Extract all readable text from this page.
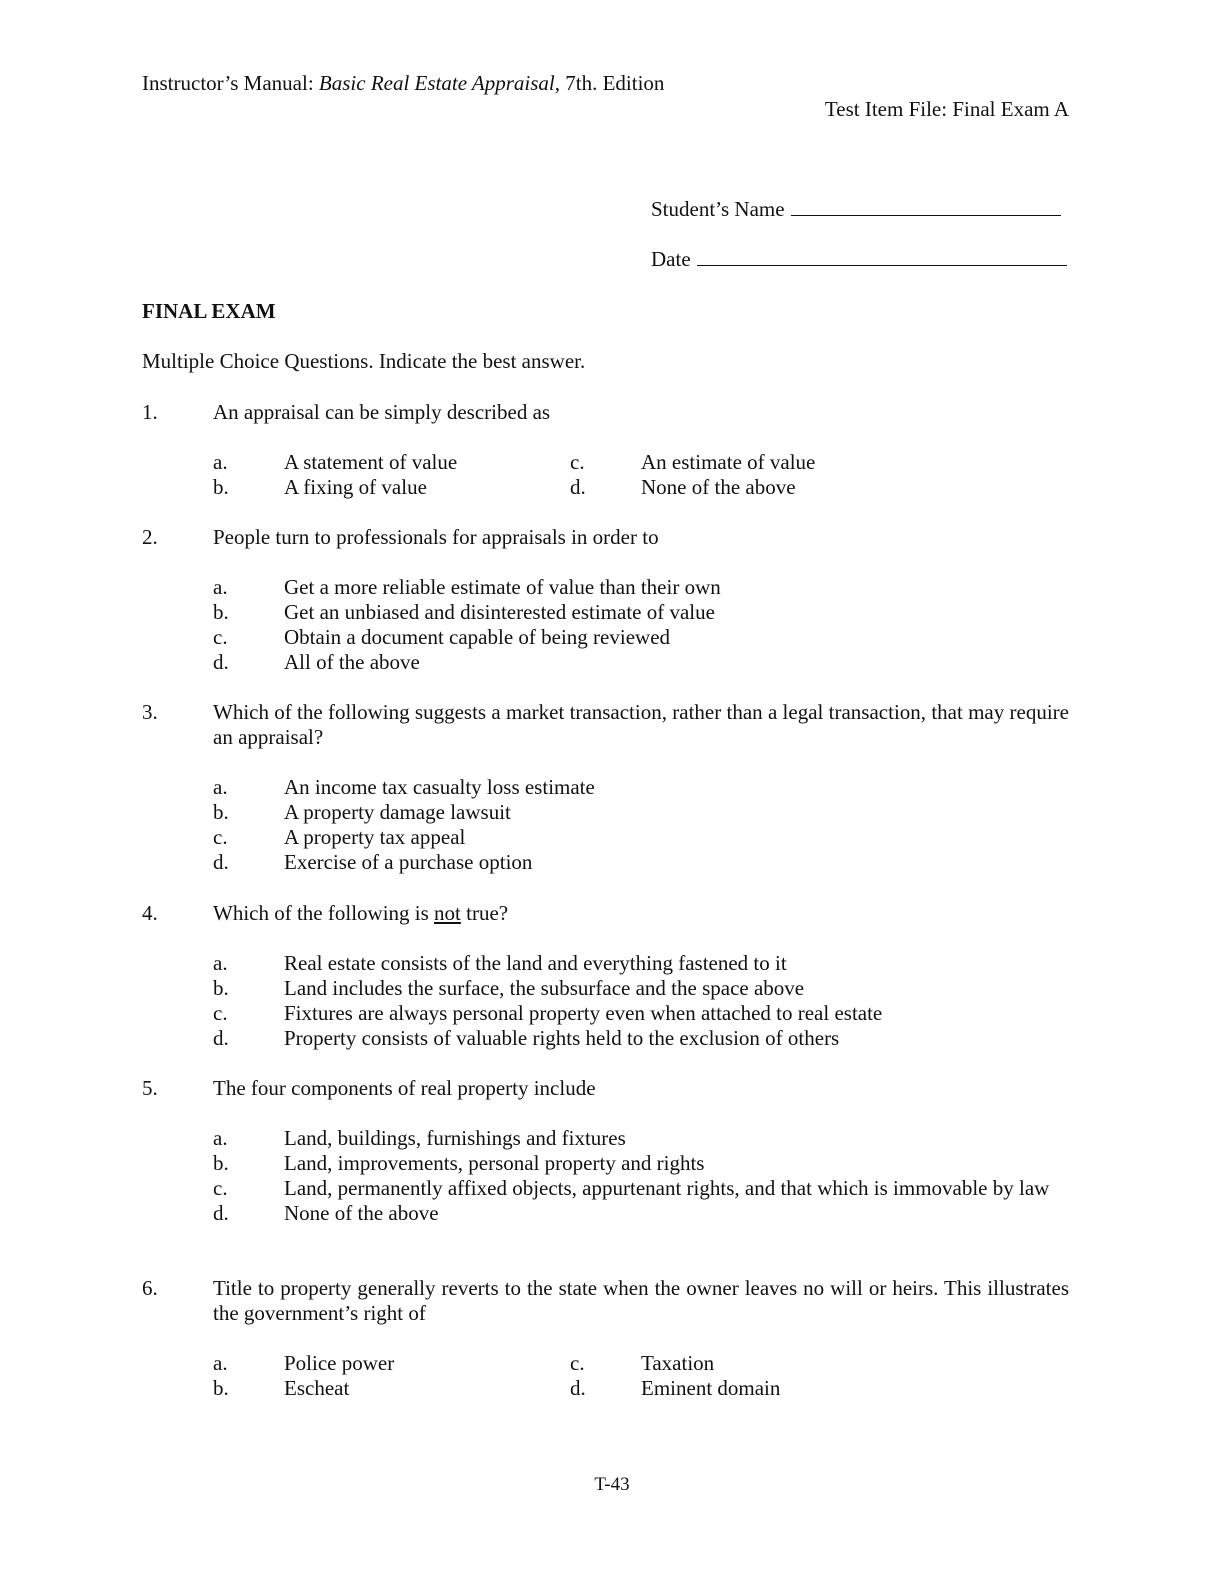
Instructor’s Manual: Basic Real Estate Appraisal, 7th. Edition
Test Item File: Final Exam A
Student’s Name
Date
FINAL EXAM
Multiple Choice Questions. Indicate the best answer.
1.	An appraisal can be simply described as
a.	A statement of value	c.	An estimate of value
b.	A fixing of value	d.	None of the above
2.	People turn to professionals for appraisals in order to
a.	Get a more reliable estimate of value than their own
b.	Get an unbiased and disinterested estimate of value
c.	Obtain a document capable of being reviewed
d.	All of the above
3.	Which of the following suggests a market transaction, rather than a legal transaction, that may require an appraisal?
a.	An income tax casualty loss estimate
b.	A property damage lawsuit
c.	A property tax appeal
d.	Exercise of a purchase option
4.	Which of the following is not true?
a.	Real estate consists of the land and everything fastened to it
b.	Land includes the surface, the subsurface and the space above
c.	Fixtures are always personal property even when attached to real estate
d.	Property consists of valuable rights held to the exclusion of others
5.	The four components of real property include
a.	Land, buildings, furnishings and fixtures
b.	Land, improvements, personal property and rights
c.	Land, permanently affixed objects, appurtenant rights, and that which is immovable by law
d.	None of the above
6.	Title to property generally reverts to the state when the owner leaves no will or heirs. This illustrates the government’s right of
a.	Police power	c.	Taxation
b.	Escheat	d.	Eminent domain
T-43
